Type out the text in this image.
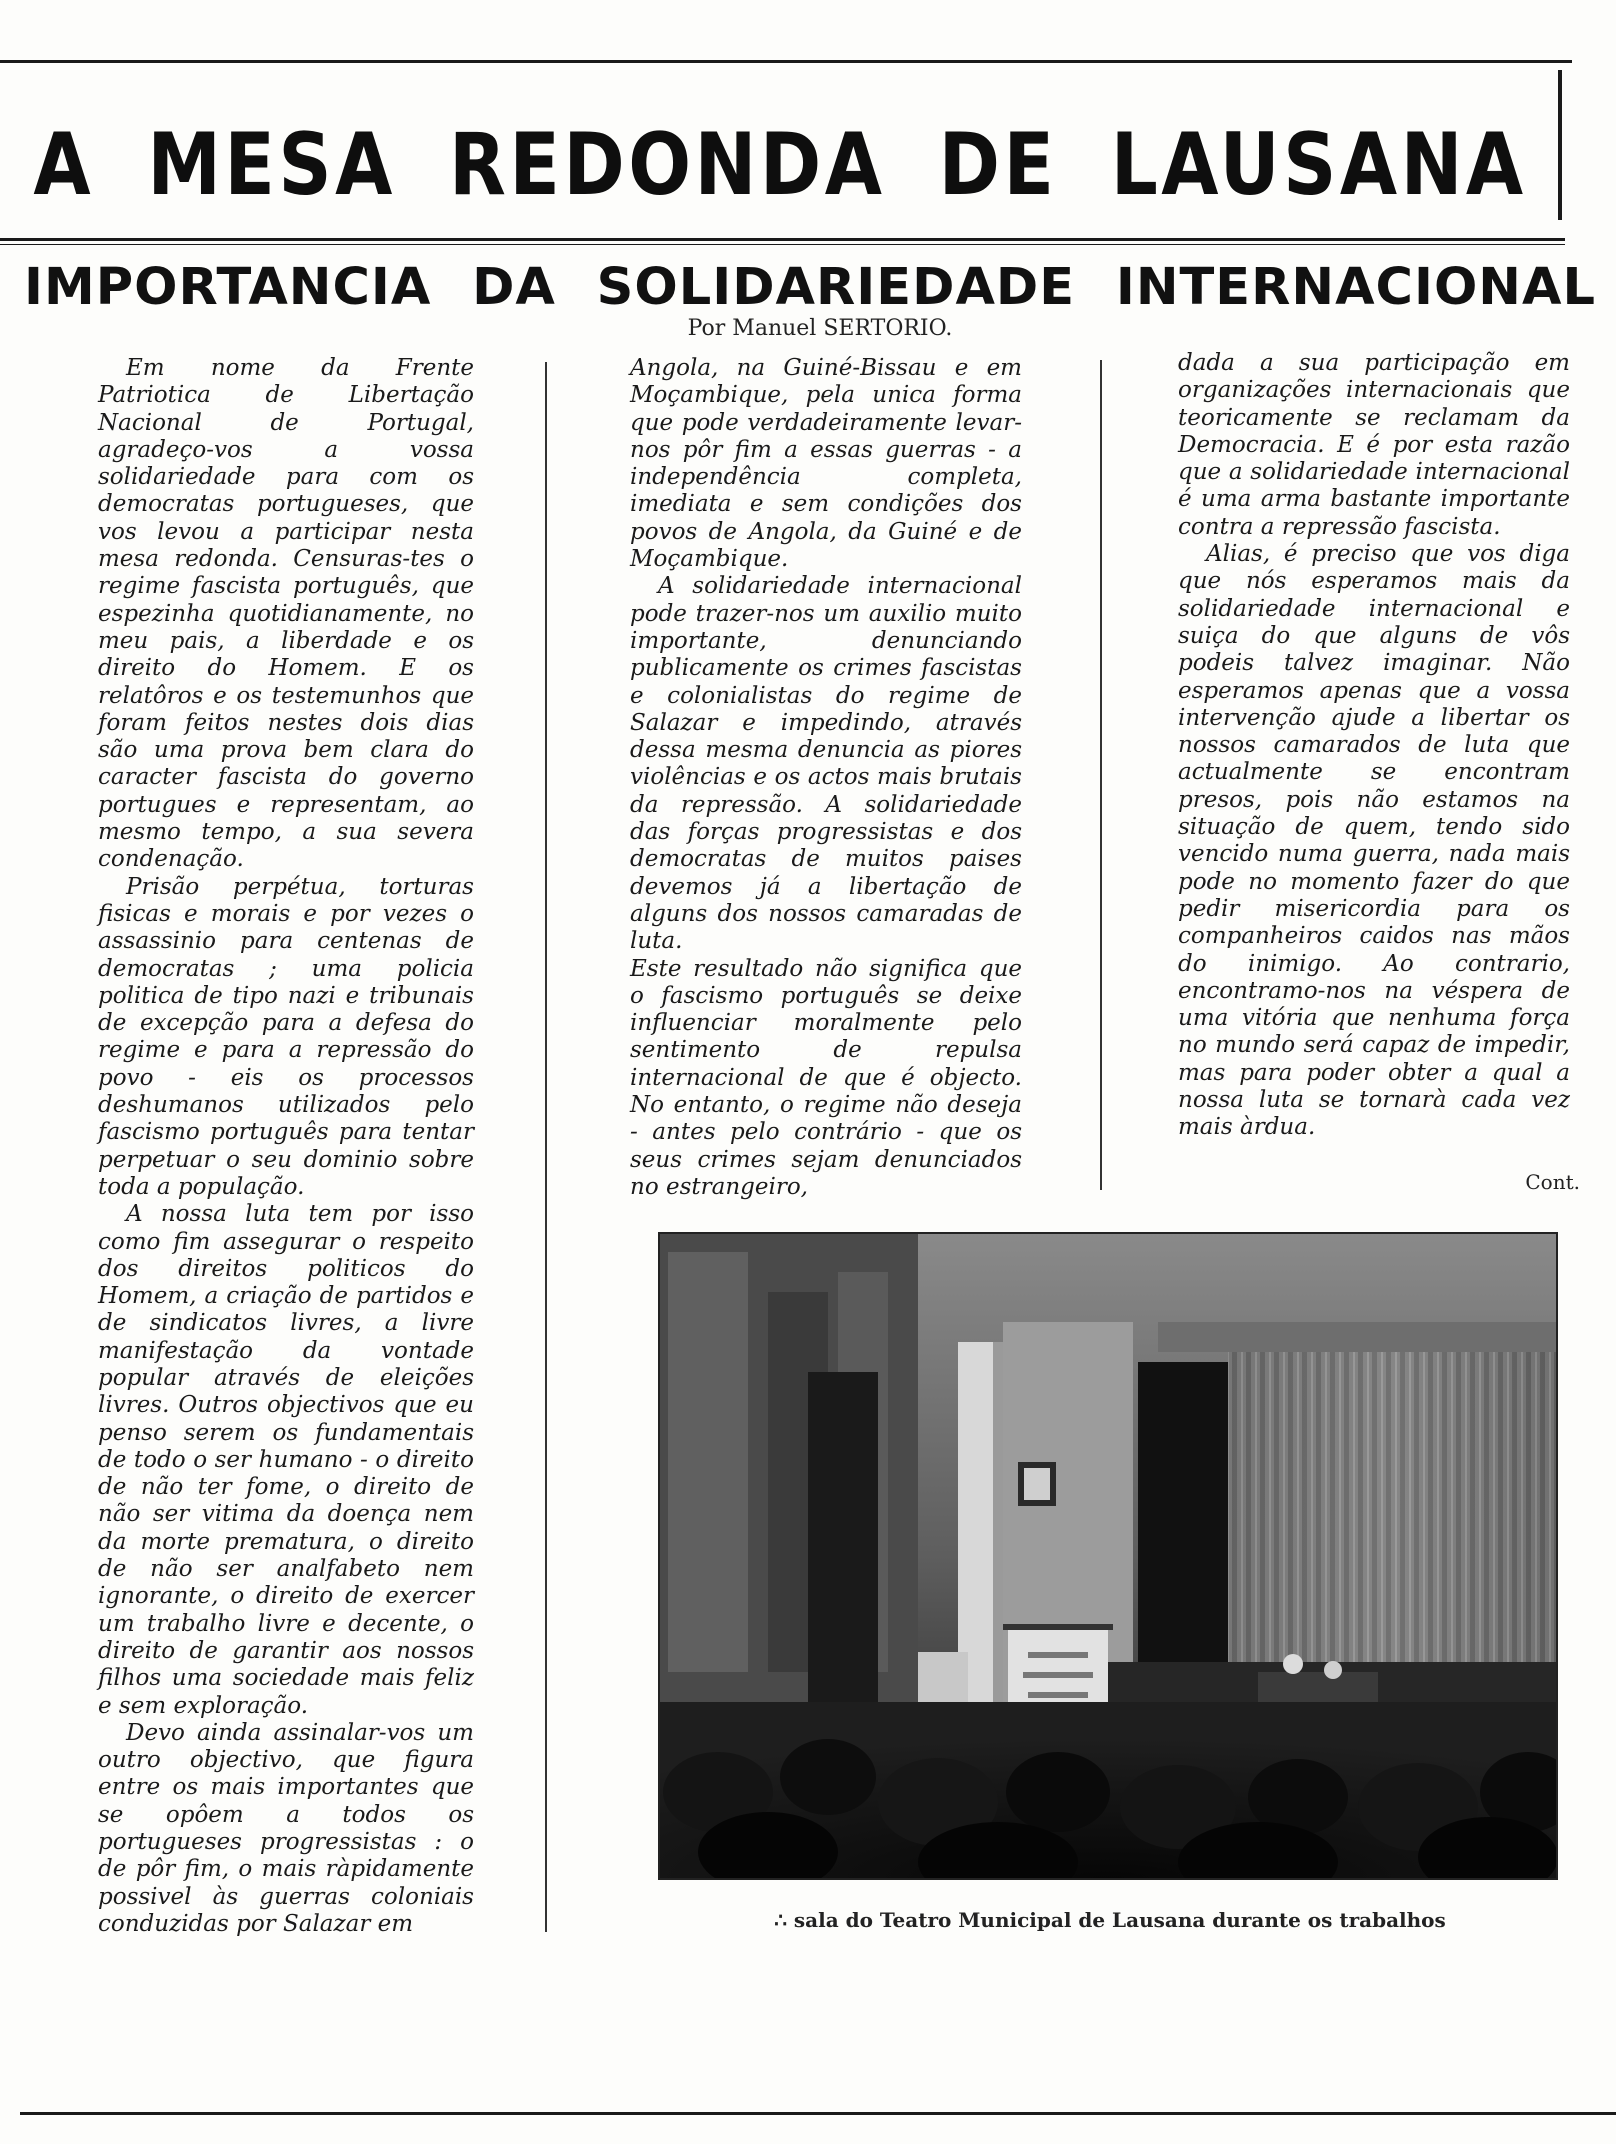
A MESA REDONDA DE LAUSANA
IMPORTANCIA DA SOLIDARIEDADE INTERNACIONAL
Por Manuel SERTORIO.

Em nome da Frente Patriotica de Libertação Nacional de Portugal, agradeço-vos a vossa solidariedade para com os democratas portugueses, que vos levou a participar nesta mesa redonda. Censuras-tes o regime fascista português, que espezinha quotidianamente, no meu pais, a liberdade e os direito do Homem. E os relatôros e os testemunhos que foram feitos nestes dois dias são uma prova bem clara do caracter fascista do governo portugues e representam, ao mesmo tempo, a sua severa condenação.

Prisão perpétua, torturas fisicas e morais e por vezes o assassinio para centenas de democratas ; uma policia politica de tipo nazi e tribunais de excepção para a defesa do regime e para a repressão do povo - eis os processos deshumanos utilizados pelo fascismo português para tentar perpetuar o seu dominio sobre toda a população.

A nossa luta tem por isso como fim assegurar o respeito dos direitos politicos do Homem, a criação de partidos e de sindicatos livres, a livre manifestação da vontade popular através de eleições livres. Outros objectivos que eu penso serem os fundamentais de todo o ser humano - o direito de não ter fome, o direito de não ser vitima da doença nem da morte prematura, o direito de não ser analfabeto nem ignorante, o direito de exercer um trabalho livre e decente, o direito de garantir aos nossos filhos uma sociedade mais feliz e sem exploração.

Devo ainda assinalar-vos um outro objectivo, que figura entre os mais importantes que se opôem a todos os portugueses progressistas : o de pôr fim, o mais ràpidamente possivel às guerras coloniais conduzidas por Salazar em

Angola, na Guiné-Bissau e em Moçambique, pela unica forma que pode verdadeiramente levar-nos pôr fim a essas guerras - a independência completa, imediata e sem condições dos povos de Angola, da Guiné e de Moçambique.

A solidariedade internacional pode trazer-nos um auxilio muito importante, denunciando publicamente os crimes fascistas e colonialistas do regime de Salazar e impedindo, através dessa mesma denuncia as piores violências e os actos mais brutais da repressão. A solidariedade das forças progressistas e dos democratas de muitos paises devemos já a libertação de alguns dos nossos camaradas de luta.

Este resultado não significa que o fascismo português se deixe influenciar moralmente pelo sentimento de repulsa internacional de que é objecto. No entanto, o regime não deseja - antes pelo contrário - que os seus crimes sejam denunciados no estrangeiro,

dada a sua participação em organizações internacionais que teoricamente se reclamam da Democracia. E é por esta razão que a solidariedade internacional é uma arma bastante importante contra a repressão fascista.

Alias, é preciso que vos diga que nós esperamos mais da solidariedade internacional e suiça do que alguns de vôs podeis talvez imaginar. Não esperamos apenas que a vossa intervenção ajude a libertar os nossos camarados de luta que actualmente se encontram presos, pois não estamos na situação de quem, tendo sido vencido numa guerra, nada mais pode no momento fazer do que pedir misericordia para os companheiros caidos nas mãos do inimigo. Ao contrario, encontramo-nos na véspera de uma vitória que nenhuma força no mundo será capaz de impedir, mas para poder obter a qual a nossa luta se tornarà cada vez mais àrdua.

Cont.
∴ sala do Teatro Municipal de Lausana durante os trabalhos
